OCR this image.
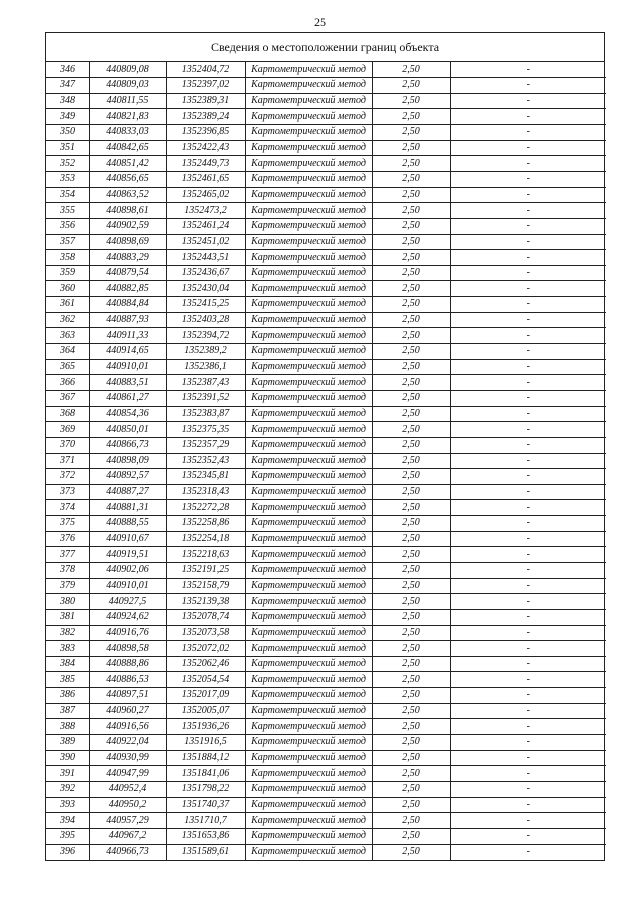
25
Сведения о местоположении границ объекта
346	440809,08	1352404,72	Картометрический метод	2,50	-
347	440809,03	1352397,02	Картометрический метод	2,50	-
348	440811,55	1352389,31	Картометрический метод	2,50	-
349	440821,83	1352389,24	Картометрический метод	2,50	-
350	440833,03	1352396,85	Картометрический метод	2,50	-
351	440842,65	1352422,43	Картометрический метод	2,50	-
352	440851,42	1352449,73	Картометрический метод	2,50	-
353	440856,65	1352461,65	Картометрический метод	2,50	-
354	440863,52	1352465,02	Картометрический метод	2,50	-
355	440898,61	1352473,2	Картометрический метод	2,50	-
356	440902,59	1352461,24	Картометрический метод	2,50	-
357	440898,69	1352451,02	Картометрический метод	2,50	-
358	440883,29	1352443,51	Картометрический метод	2,50	-
359	440879,54	1352436,67	Картометрический метод	2,50	-
360	440882,85	1352430,04	Картометрический метод	2,50	-
361	440884,84	1352415,25	Картометрический метод	2,50	-
362	440887,93	1352403,28	Картометрический метод	2,50	-
363	440911,33	1352394,72	Картометрический метод	2,50	-
364	440914,65	1352389,2	Картометрический метод	2,50	-
365	440910,01	1352386,1	Картометрический метод	2,50	-
366	440883,51	1352387,43	Картометрический метод	2,50	-
367	440861,27	1352391,52	Картометрический метод	2,50	-
368	440854,36	1352383,87	Картометрический метод	2,50	-
369	440850,01	1352375,35	Картометрический метод	2,50	-
370	440866,73	1352357,29	Картометрический метод	2,50	-
371	440898,09	1352352,43	Картометрический метод	2,50	-
372	440892,57	1352345,81	Картометрический метод	2,50	-
373	440887,27	1352318,43	Картометрический метод	2,50	-
374	440881,31	1352272,28	Картометрический метод	2,50	-
375	440888,55	1352258,86	Картометрический метод	2,50	-
376	440910,67	1352254,18	Картометрический метод	2,50	-
377	440919,51	1352218,63	Картометрический метод	2,50	-
378	440902,06	1352191,25	Картометрический метод	2,50	-
379	440910,01	1352158,79	Картометрический метод	2,50	-
380	440927,5	1352139,38	Картометрический метод	2,50	-
381	440924,62	1352078,74	Картометрический метод	2,50	-
382	440916,76	1352073,58	Картометрический метод	2,50	-
383	440898,58	1352072,02	Картометрический метод	2,50	-
384	440888,86	1352062,46	Картометрический метод	2,50	-
385	440886,53	1352054,54	Картометрический метод	2,50	-
386	440897,51	1352017,09	Картометрический метод	2,50	-
387	440960,27	1352005,07	Картометрический метод	2,50	-
388	440916,56	1351936,26	Картометрический метод	2,50	-
389	440922,04	1351916,5	Картометрический метод	2,50	-
390	440930,99	1351884,12	Картометрический метод	2,50	-
391	440947,99	1351841,06	Картометрический метод	2,50	-
392	440952,4	1351798,22	Картометрический метод	2,50	-
393	440950,2	1351740,37	Картометрический метод	2,50	-
394	440957,29	1351710,7	Картометрический метод	2,50	-
395	440967,2	1351653,86	Картометрический метод	2,50	-
396	440966,73	1351589,61	Картометрический метод	2,50	-
